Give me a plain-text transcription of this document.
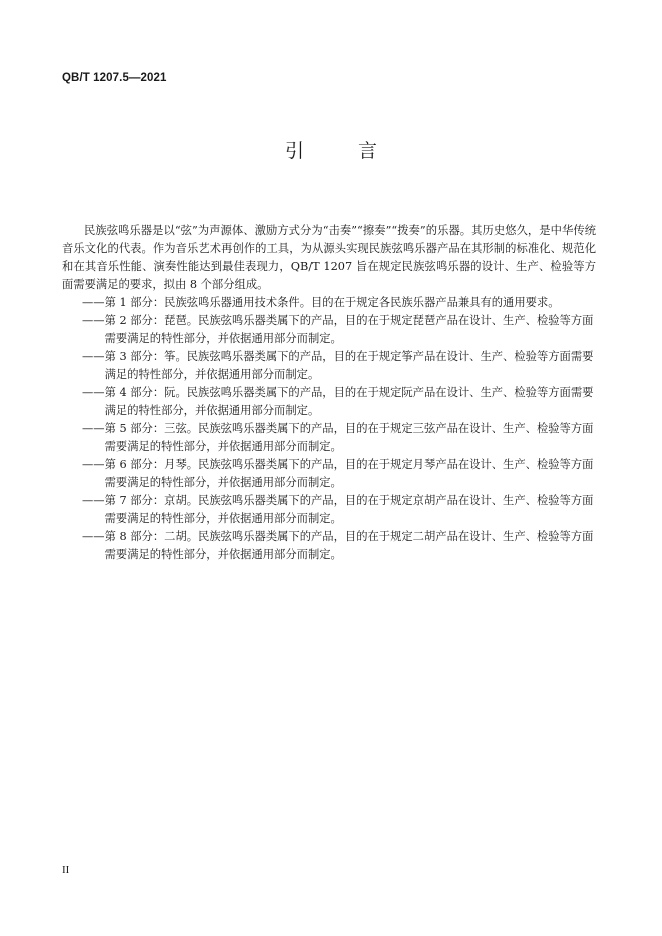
QB/T 1207.5—2021
引 言

民族弦鸣乐器是以“弦”为声源体、激励方式分为“击奏”“擦奏”“拨奏”的乐器。其历史悠久，是中华传统音乐文化的代表。作为音乐艺术再创作的工具，为从源头实现民族弦鸣乐器产品在其形制的标准化、规范化和在其音乐性能、演奏性能达到最佳表现力，QB/T 1207 旨在规定民族弦鸣乐器的设计、生产、检验等方面需要满足的要求，拟由 8 个部分组成。

—— 第 1 部分：民族弦鸣乐器通用技术条件。目的在于规定各民族乐器产品兼具有的通用要求。

—— 第 2 部分：琵琶。民族弦鸣乐器类属下的产品，目的在于规定琵琶产品在设计、生产、检验等方面需要满足的特性部分，并依据通用部分而制定。

—— 第 3 部分：筝。民族弦鸣乐器类属下的产品，目的在于规定筝产品在设计、生产、检验等方面需要满足的特性部分，并依据通用部分而制定。

—— 第 4 部分：阮。民族弦鸣乐器类属下的产品，目的在于规定阮产品在设计、生产、检验等方面需要满足的特性部分，并依据通用部分而制定。

—— 第 5 部分：三弦。民族弦鸣乐器类属下的产品，目的在于规定三弦产品在设计、生产、检验等方面需要满足的特性部分，并依据通用部分而制定。

—— 第 6 部分：月琴。民族弦鸣乐器类属下的产品，目的在于规定月琴产品在设计、生产、检验等方面需要满足的特性部分，并依据通用部分而制定。

—— 第 7 部分：京胡。民族弦鸣乐器类属下的产品，目的在于规定京胡产品在设计、生产、检验等方面需要满足的特性部分，并依据通用部分而制定。

—— 第 8 部分：二胡。民族弦鸣乐器类属下的产品，目的在于规定二胡产品在设计、生产、检验等方面需要满足的特性部分，并依据通用部分而制定。

II
